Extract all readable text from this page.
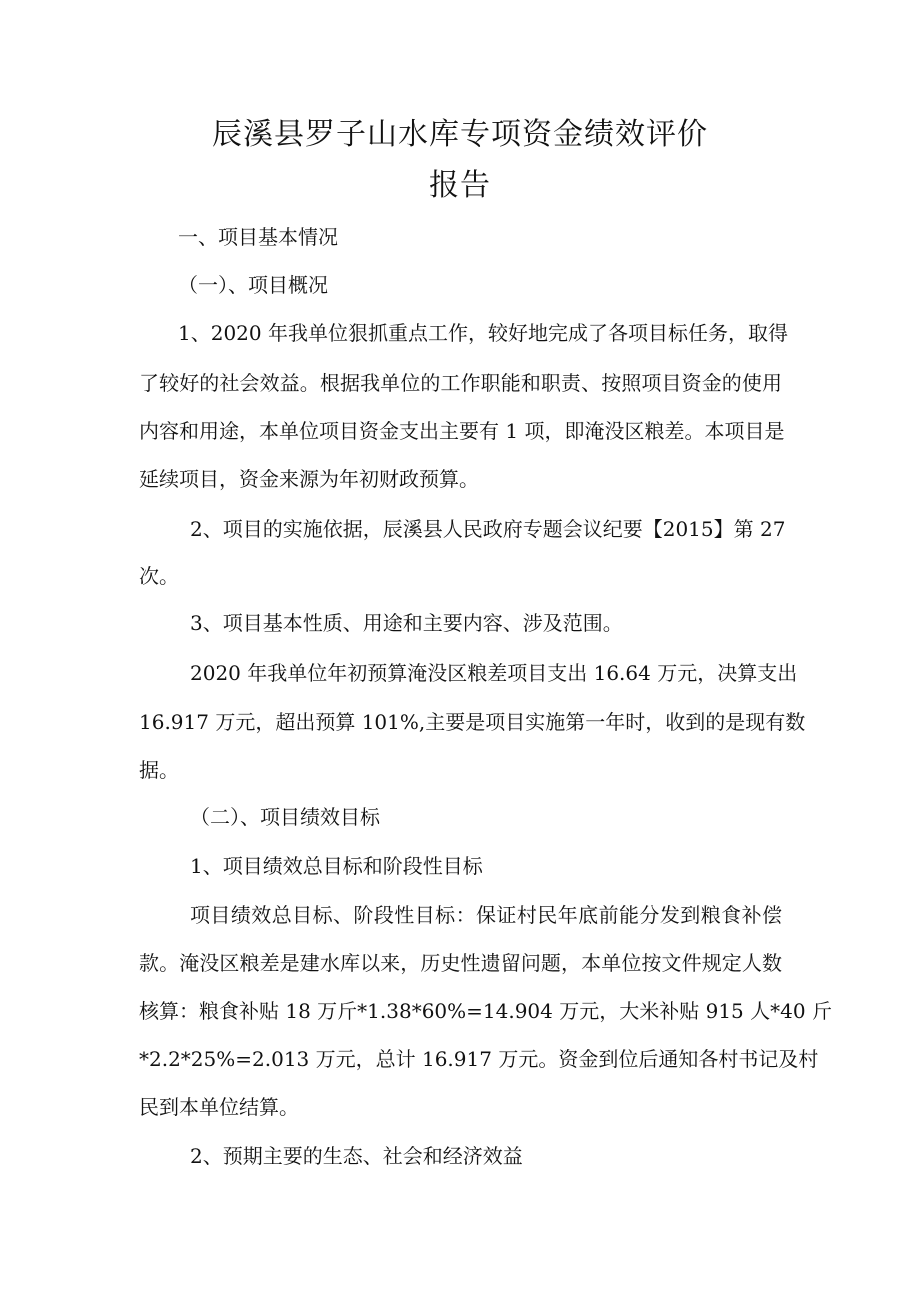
辰溪县罗子山水库专项资金绩效评价
报告
一、项目基本情况
（一）、项目概况
1、2020 年我单位狠抓重点工作，较好地完成了各项目标任务，取得
了较好的社会效益。根据我单位的工作职能和职责、按照项目资金的使用
内容和用途，本单位项目资金支出主要有 1 项，即淹没区粮差。本项目是
延续项目，资金来源为年初财政预算。
2、项目的实施依据，辰溪县人民政府专题会议纪要【2015】第 27
次。
3、项目基本性质、用途和主要内容、涉及范围。
2020 年我单位年初预算淹没区粮差项目支出 16.64 万元，决算支出
16.917 万元，超出预算 101%,主要是项目实施第一年时，收到的是现有数
据。
（二）、项目绩效目标
1、项目绩效总目标和阶段性目标
项目绩效总目标、阶段性目标：保证村民年底前能分发到粮食补偿
款。淹没区粮差是建水库以来，历史性遗留问题，本单位按文件规定人数
核算：粮食补贴 18 万斤*1.38*60%=14.904 万元，大米补贴 915 人*40 斤
*2.2*25%=2.013 万元，总计 16.917 万元。资金到位后通知各村书记及村
民到本单位结算。
2、预期主要的生态、社会和经济效益
